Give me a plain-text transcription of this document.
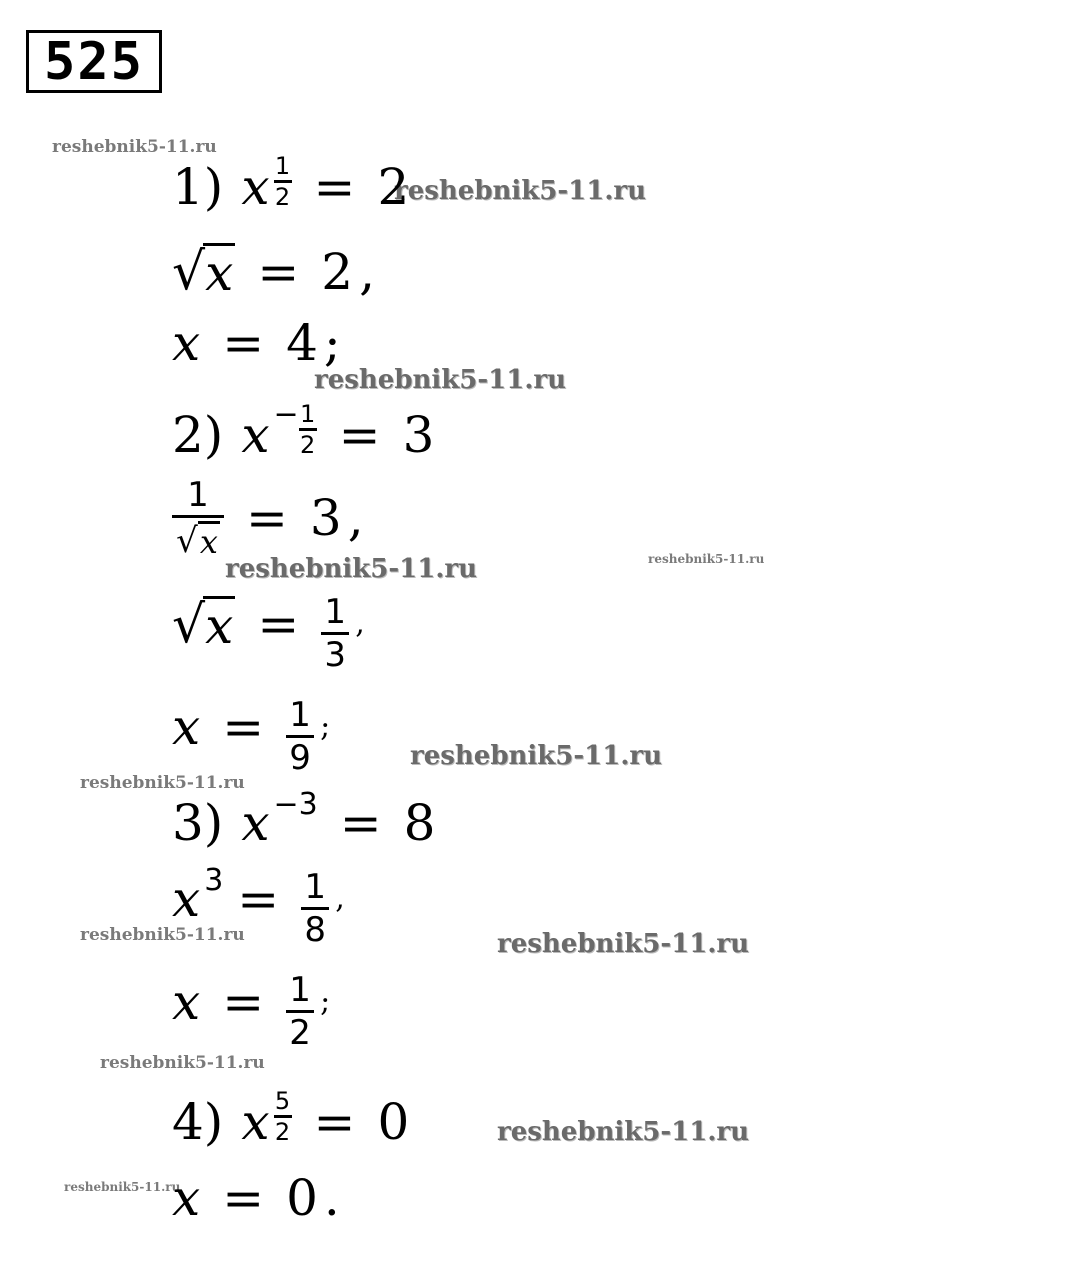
525
reshebnik5-11.ru
reshebnik5-11.ru
reshebnik5-11.ru
reshebnik5-11.ru	reshebnik5-11.ru
reshebnik5-11.ru
reshebnik5-11.ru
reshebnik5-11.ru	reshebnik5-11.ru
reshebnik5-11.ru
reshebnik5-11.ru
reshebnik5-11.ru
1) x $\frac{1}{2} = 2$
√ x = 2 ,
x = 4 ;
2) $x - \frac{1}{2} = 3$
$\frac{1}{√ x} = 3$ ,
√ $x = \frac{1}{3}$ ,
$x = \frac{1}{9}$ ;
3) x −3 = 8
x $3 = \frac{1}{8}$ ,
$x = \frac{1}{2}$ ;
4) x $\frac{5}{2} = 0$
x = 0 .
